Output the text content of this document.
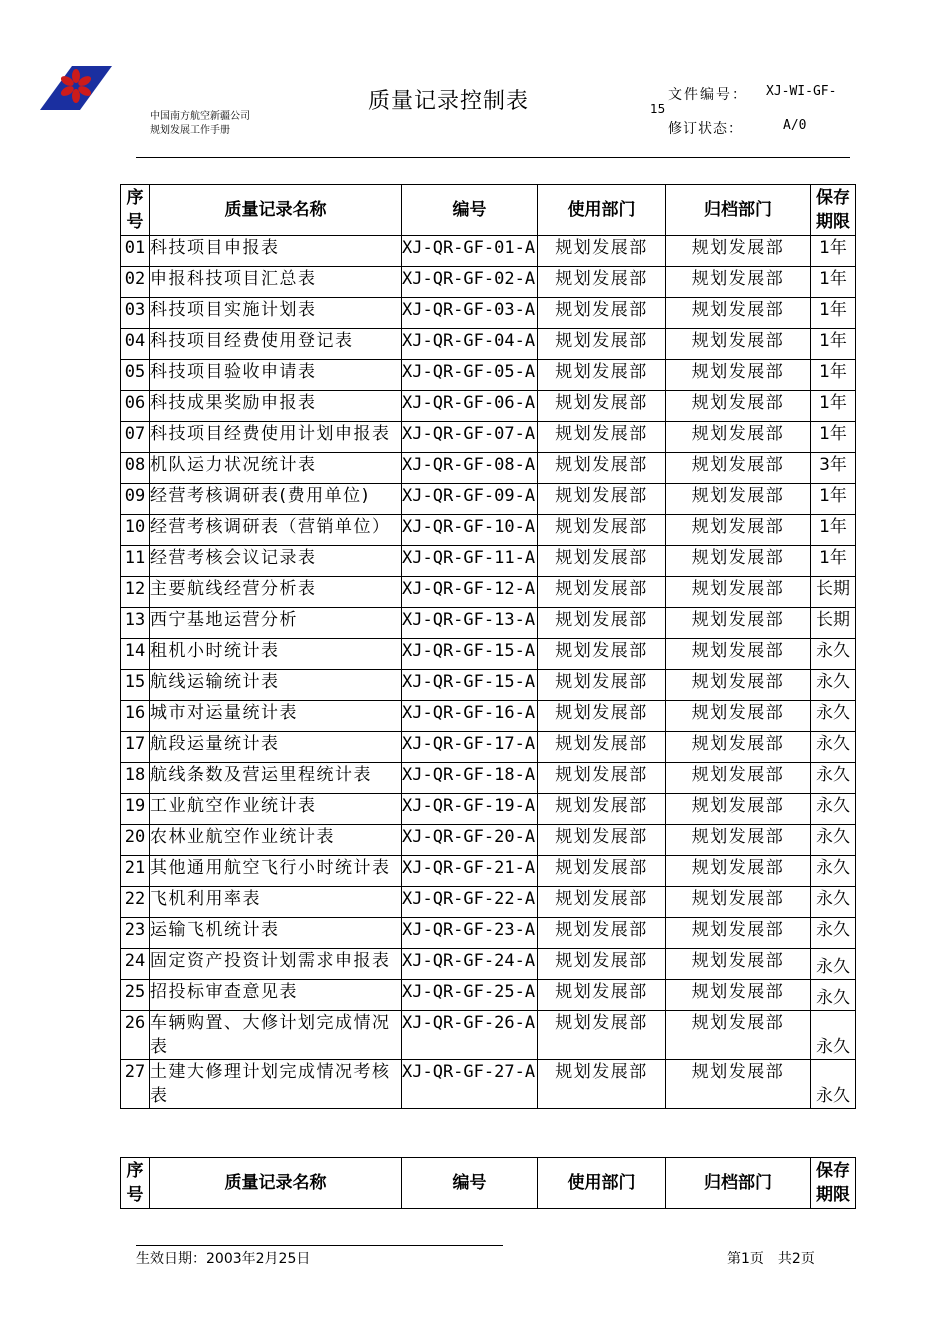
中国南方航空新疆公司
规划发展工作手册
质量记录控制表	文件编号： XJ-WI-GF-
15
修订状态：	A/0
序号	质量记录名称	编号	使用部门	归档部门	保存期限
01	科技项目申报表	XJ-QR-GF-01-A	规划发展部	规划发展部	1年
02	申报科技项目汇总表	XJ-QR-GF-02-A	规划发展部	规划发展部	1年
03	科技项目实施计划表	XJ-QR-GF-03-A	规划发展部	规划发展部	1年
04	科技项目经费使用登记表	XJ-QR-GF-04-A	规划发展部	规划发展部	1年
05	科技项目验收申请表	XJ-QR-GF-05-A	规划发展部	规划发展部	1年
06	科技成果奖励申报表	XJ-QR-GF-06-A	规划发展部	规划发展部	1年
07	科技项目经费使用计划申报表	XJ-QR-GF-07-A	规划发展部	规划发展部	1年
08	机队运力状况统计表	XJ-QR-GF-08-A	规划发展部	规划发展部	3年
09	经营考核调研表(费用单位)	XJ-QR-GF-09-A	规划发展部	规划发展部	1年
10	经营考核调研表（营销单位）	XJ-QR-GF-10-A	规划发展部	规划发展部	1年
11	经营考核会议记录表	XJ-QR-GF-11-A	规划发展部	规划发展部	1年
12	主要航线经营分析表	XJ-QR-GF-12-A	规划发展部	规划发展部	长期
13	西宁基地运营分析	XJ-QR-GF-13-A	规划发展部	规划发展部	长期
14	租机小时统计表	XJ-QR-GF-15-A	规划发展部	规划发展部	永久
15	航线运输统计表	XJ-QR-GF-15-A	规划发展部	规划发展部	永久
16	城市对运量统计表	XJ-QR-GF-16-A	规划发展部	规划发展部	永久
17	航段运量统计表	XJ-QR-GF-17-A	规划发展部	规划发展部	永久
18	航线条数及营运里程统计表	XJ-QR-GF-18-A	规划发展部	规划发展部	永久
19	工业航空作业统计表	XJ-QR-GF-19-A	规划发展部	规划发展部	永久
20	农林业航空作业统计表	XJ-QR-GF-20-A	规划发展部	规划发展部	永久
21	其他通用航空飞行小时统计表	XJ-QR-GF-21-A	规划发展部	规划发展部	永久
22	飞机利用率表	XJ-QR-GF-22-A	规划发展部	规划发展部	永久
23	运输飞机统计表	XJ-QR-GF-23-A	规划发展部	规划发展部	永久
24	固定资产投资计划需求申报表	XJ-QR-GF-24-A	规划发展部	规划发展部	永久
25	招投标审查意见表	XJ-QR-GF-25-A	规划发展部	规划发展部	永久
26	车辆购置、大修计划完成情况表	XJ-QR-GF-26-A	规划发展部	规划发展部	永久
27	土建大修理计划完成情况考核表	XJ-QR-GF-27-A	规划发展部	规划发展部	永久
序号	质量记录名称	编号	使用部门	归档部门	保存期限
生效日期：2003年2月25日	第1页　共2页
